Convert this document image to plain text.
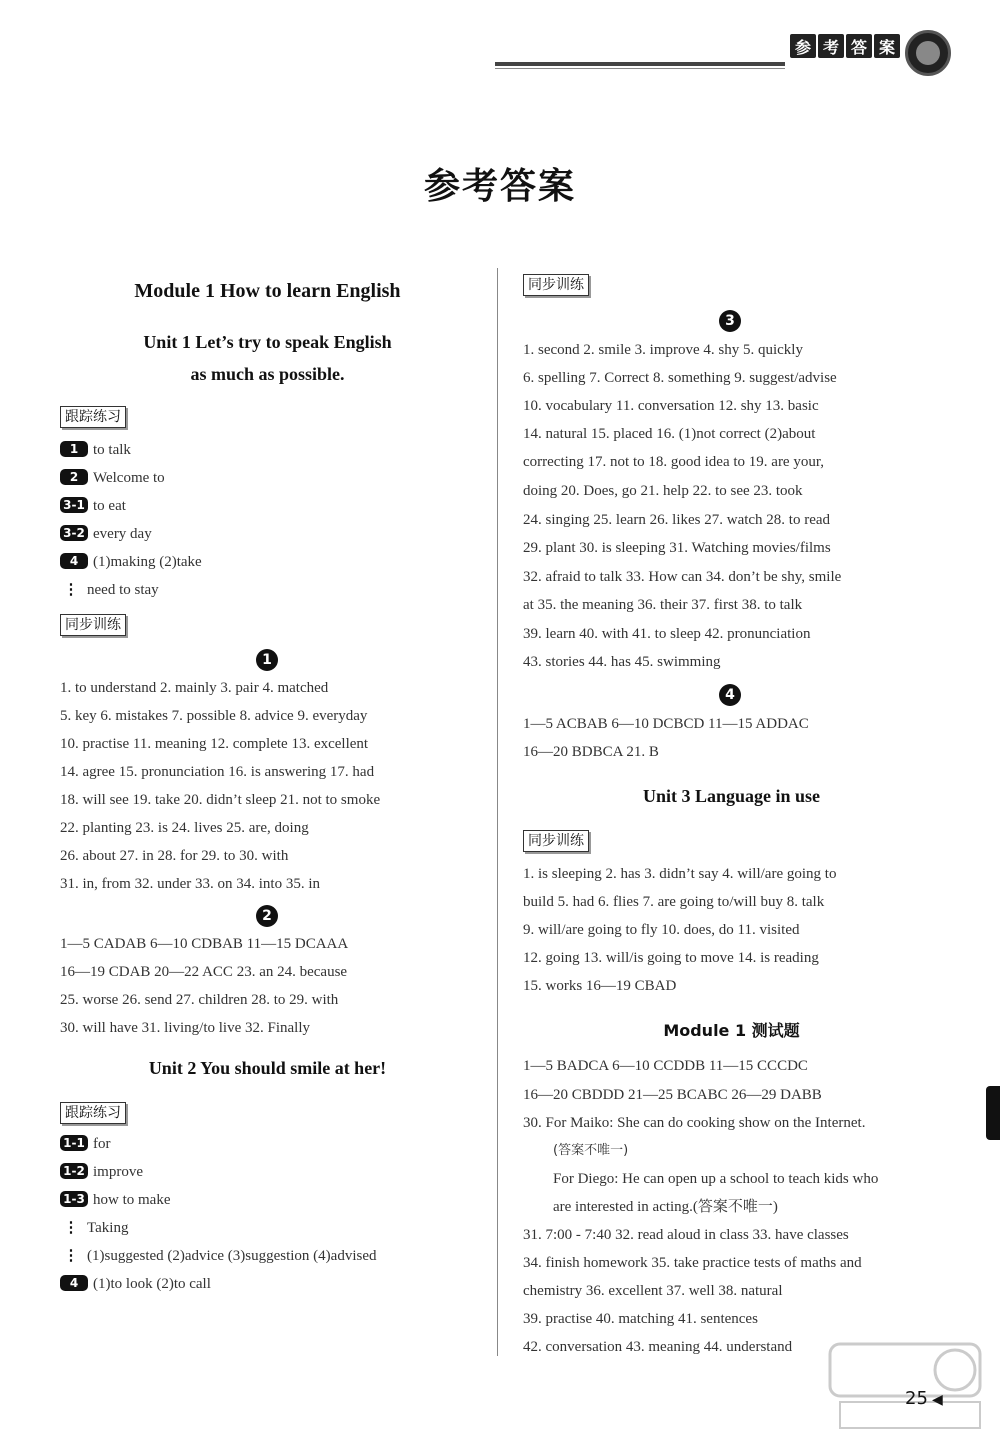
参 考 答 案
参考答案
Module 1 How to learn English
Unit 1 Let’s try to speak English
as much as possible.
跟踪练习
1 to talk
2 Welcome to
3-1 to eat
3-2 every day
4 (1)making (2)take
⋮ need to stay
同步训练
1
1. to understand 2. mainly 3. pair 4. matched
5. key 6. mistakes 7. possible 8. advice 9. everyday
10. practise 11. meaning 12. complete 13. excellent
14. agree 15. pronunciation 16. is answering 17. had
18. will see 19. take 20. didn’t sleep 21. not to smoke
22. planting 23. is 24. lives 25. are, doing
26. about 27. in 28. for 29. to 30. with
31. in, from 32. under 33. on 34. into 35. in
2
1—5 CADAB 6—10 CDBAB 11—15 DCAAA
16—19 CDAB 20—22 ACC 23. an 24. because
25. worse 26. send 27. children 28. to 29. with
30. will have 31. living/to live 32. Finally
Unit 2 You should smile at her!
跟踪练习
1-1 for
1-2 improve
1-3 how to make
⋮ Taking
⋮ (1)suggested (2)advice (3)suggestion (4)advised
4 (1)to look (2)to call
同步训练
3
1. second 2. smile 3. improve 4. shy 5. quickly
6. spelling 7. Correct 8. something 9. suggest/advise
10. vocabulary 11. conversation 12. shy 13. basic
14. natural 15. placed 16. (1)not correct (2)about
correcting 17. not to 18. good idea to 19. are your,
doing 20. Does, go 21. help 22. to see 23. took
24. singing 25. learn 26. likes 27. watch 28. to read
29. plant 30. is sleeping 31. Watching movies/films
32. afraid to talk 33. How can 34. don’t be shy, smile
at 35. the meaning 36. their 37. first 38. to talk
39. learn 40. with 41. to sleep 42. pronunciation
43. stories 44. has 45. swimming
4
1—5 ACBAB 6—10 DCBCD 11—15 ADDAC
16—20 BDBCA 21. B
Unit 3 Language in use
同步训练
1. is sleeping 2. has 3. didn’t say 4. will/are going to
build 5. had 6. flies 7. are going to/will buy 8. talk
9. will/are going to fly 10. does, do 11. visited
12. going 13. will/is going to move 14. is reading
15. works 16—19 CBAD
Module 1 测试题
1—5 BADCA 6—10 CCDDB 11—15 CCCDC
16—20 CBDDD 21—25 BCABC 26—29 DABB
30. For Maiko: She can do cooking show on the Internet.
(答案不唯一)
For Diego: He can open up a school to teach kids who
are interested in acting.(答案不唯一)
31. 7:00 - 7:40 32. read aloud in class 33. have classes
34. finish homework 35. take practice tests of maths and
chemistry 36. excellent 37. well 38. natural
39. practise 40. matching 41. sentences
42. conversation 43. meaning 44. understand
25 ◀
